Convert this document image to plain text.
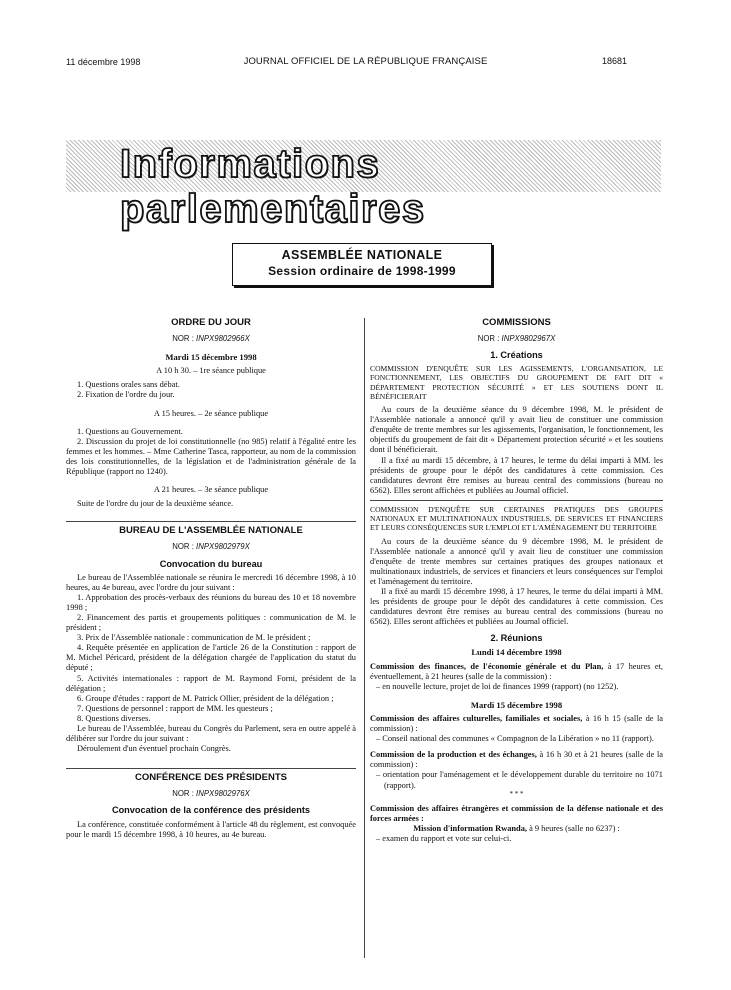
11 décembre 1998	JOURNAL OFFICIEL DE LA RÉPUBLIQUE FRANÇAISE	18681
Informations parlementaires
ASSEMBLÉE NATIONALE
Session ordinaire de 1998-1999
ORDRE DU JOUR
NOR : INPX9802966X
Mardi 15 décembre 1998
A 10 h 30. – 1re séance publique

1. Questions orales sans débat.

2. Fixation de l'ordre du jour.

A 15 heures. – 2e séance publique

1. Questions au Gouvernement.

2. Discussion du projet de loi constitutionnelle (no 985) relatif à l'égalité entre les femmes et les hommes. – Mme Catherine Tasca, rapporteur, au nom de la commission des lois constitutionnelles, de la législation et de l'administration générale de la République (rapport no 1240).

A 21 heures. – 3e séance publique

Suite de l'ordre du jour de la deuxième séance.

BUREAU DE L'ASSEMBLÉE NATIONALE
NOR : INPX9802979X
Convocation du bureau

Le bureau de l'Assemblée nationale se réunira le mercredi 16 décembre 1998, à 10 heures, au 4e bureau, avec l'ordre du jour suivant :

1. Approbation des procès-verbaux des réunions du bureau des 10 et 18 novembre 1998 ;

2. Financement des partis et groupements politiques : communication de M. le président ;

3. Prix de l'Assemblée nationale : communication de M. le président ;

4. Requête présentée en application de l'article 26 de la Constitution : rapport de M. Michel Péricard, président de la délégation chargée de l'application du statut du député ;

5. Activités internationales : rapport de M. Raymond Forni, président de la délégation ;

6. Groupe d'études : rapport de M. Patrick Ollier, président de la délégation ;

7. Questions de personnel : rapport de MM. les questeurs ;

8. Questions diverses.

Le bureau de l'Assemblée, bureau du Congrès du Parlement, sera en outre appelé à délibérer sur l'ordre du jour suivant :

Déroulement d'un éventuel prochain Congrès.

CONFÉRENCE DES PRÉSIDENTS
NOR : INPX9802976X
Convocation de la conférence des présidents

La conférence, constituée conformément à l'article 48 du règlement, est convoquée pour le mardi 15 décembre 1998, à 10 heures, au 4e bureau.

COMMISSIONS
NOR : INPX9802967X
1. Créations

COMMISSION D'ENQUÊTE SUR LES AGISSEMENTS, L'ORGANISATION, LE FONCTIONNEMENT, LES OBJECTIFS DU GROUPEMENT DE FAIT DIT « DÉPARTEMENT PROTECTION SÉCURITÉ » ET LES SOUTIENS DONT IL BÉNÉFICIERAIT

Au cours de la deuxième séance du 9 décembre 1998, M. le président de l'Assemblée nationale a annoncé qu'il y avait lieu de constituer une commission d'enquête de trente membres sur les agissements, l'organisation, le fonctionnement, les objectifs du groupement de fait dit « Département protection sécurité » et les soutiens dont il bénéficierait.

Il a fixé au mardi 15 décembre, à 17 heures, le terme du délai imparti à MM. les présidents de groupe pour le dépôt des candidatures à cette commission. Ces candidatures devront être remises au bureau central des commissions (bureau no 6562). Elles seront affichées et publiées au Journal officiel.

COMMISSION D'ENQUÊTE SUR CERTAINES PRATIQUES DES GROUPES NATIONAUX ET MULTINATIONAUX INDUSTRIELS, DE SERVICES ET FINANCIERS ET LEURS CONSÉQUENCES SUR L'EMPLOI ET L'AMÉNAGEMENT DU TERRITOIRE

Au cours de la deuxième séance du 9 décembre 1998, M. le président de l'Assemblée nationale a annoncé qu'il y avait lieu de constituer une commission d'enquête de trente membres sur certaines pratiques des groupes nationaux et multinationaux industriels, de services et financiers et leurs conséquences sur l'emploi et l'aménagement du territoire.

Il a fixé au mardi 15 décembre 1998, à 17 heures, le terme du délai imparti à MM. les présidents de groupe pour le dépôt des candidatures à cette commission. Ces candidatures devront être remises au bureau central des commissions (bureau no 6562). Elles seront affichées et publiées au Journal officiel.

2. Réunions
Lundi 14 décembre 1998

Commission des finances, de l'économie générale et du Plan, à 17 heures et, éventuellement, à 21 heures (salle de la commission) :

– en nouvelle lecture, projet de loi de finances 1999 (rapport) (no 1252).

Mardi 15 décembre 1998

Commission des affaires culturelles, familiales et sociales, à 16 h 15 (salle de la commission) :

– Conseil national des communes « Compagnon de la Libération » no 11 (rapport).

Commission de la production et des échanges, à 16 h 30 et à 21 heures (salle de la commission) :

– orientation pour l'aménagement et le développement durable du territoire no 1071 (rapport).

* * *

Commission des affaires étrangères et commission de la défense nationale et des forces armées :

Mission d'information Rwanda, à 9 heures (salle no 6237) :

– examen du rapport et vote sur celui-ci.
